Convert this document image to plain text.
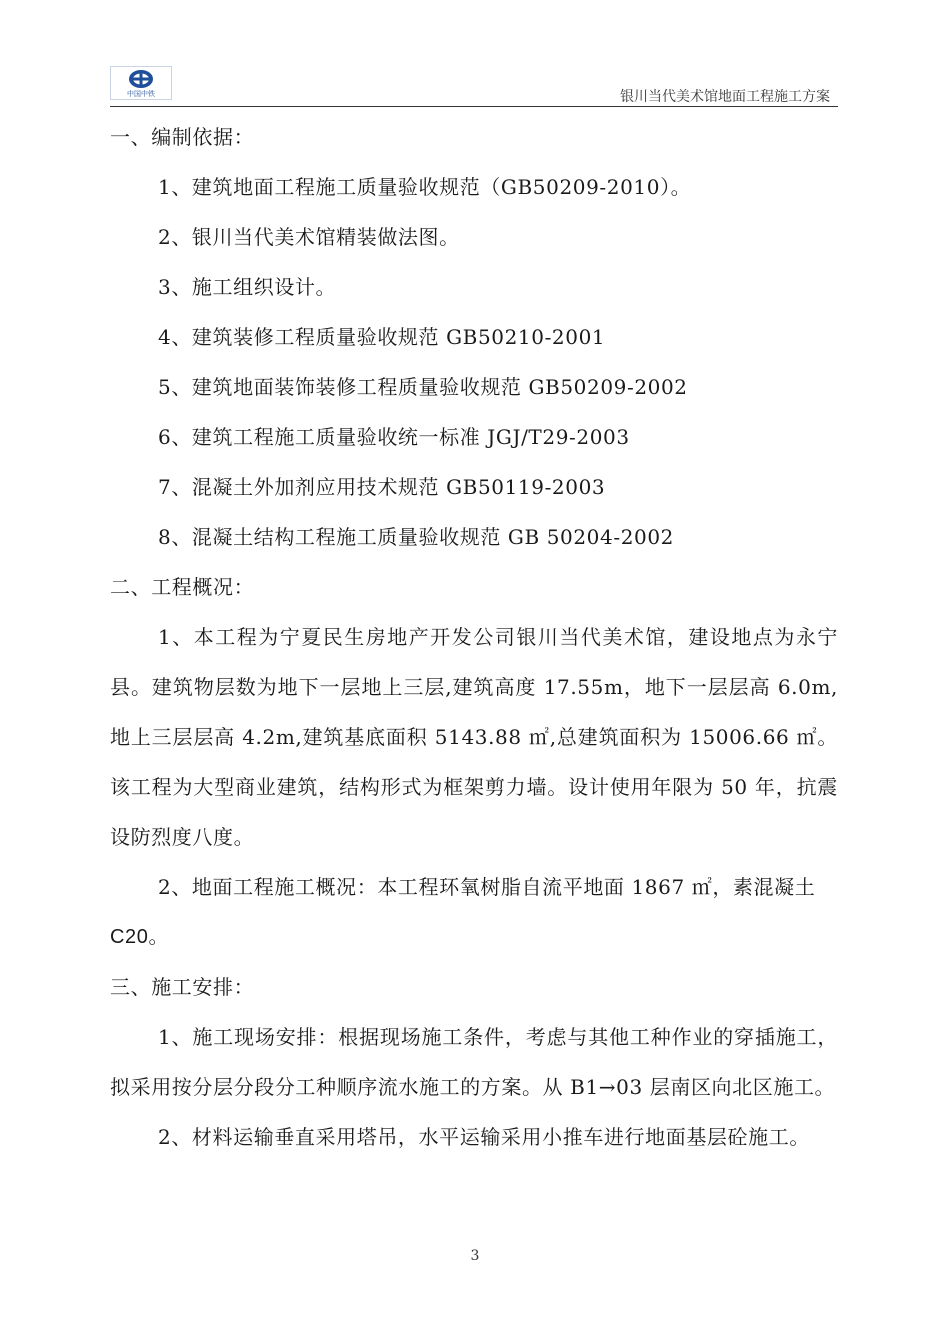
中国中铁	银川当代美术馆地面工程施工方案

一、编制依据：

1、建筑地面工程施工质量验收规范（GB50209-2010）。

2、银川当代美术馆精装做法图。

3、施工组织设计。

4、建筑装修工程质量验收规范 GB50210-2001

5、建筑地面装饰装修工程质量验收规范 GB50209-2002

6、建筑工程施工质量验收统一标准 JGJ/T29-2003

7、混凝土外加剂应用技术规范 GB50119-2003

8、混凝土结构工程施工质量验收规范 GB 50204-2002

二、工程概况：

1、本工程为宁夏民生房地产开发公司银川当代美术馆，建设地点为永宁县。建筑物层数为地下一层地上三层,建筑高度 17.55m，地下一层层高 6.0m,地上三层层高 4.2m,建筑基底面积 5143.88 ㎡,总建筑面积为 15006.66 ㎡。该工程为大型商业建筑，结构形式为框架剪力墙。设计使用年限为 50 年，抗震设防烈度八度。

2、地面工程施工概况：本工程环氧树脂自流平地面 1867 ㎡，素混凝土

C20。

三、施工安排：

1、施工现场安排：根据现场施工条件，考虑与其他工种作业的穿插施工，拟采用按分层分段分工种顺序流水施工的方案。从 B1→03 层南区向北区施工。

2、材料运输垂直采用塔吊，水平运输采用小推车进行地面基层砼施工。

3
